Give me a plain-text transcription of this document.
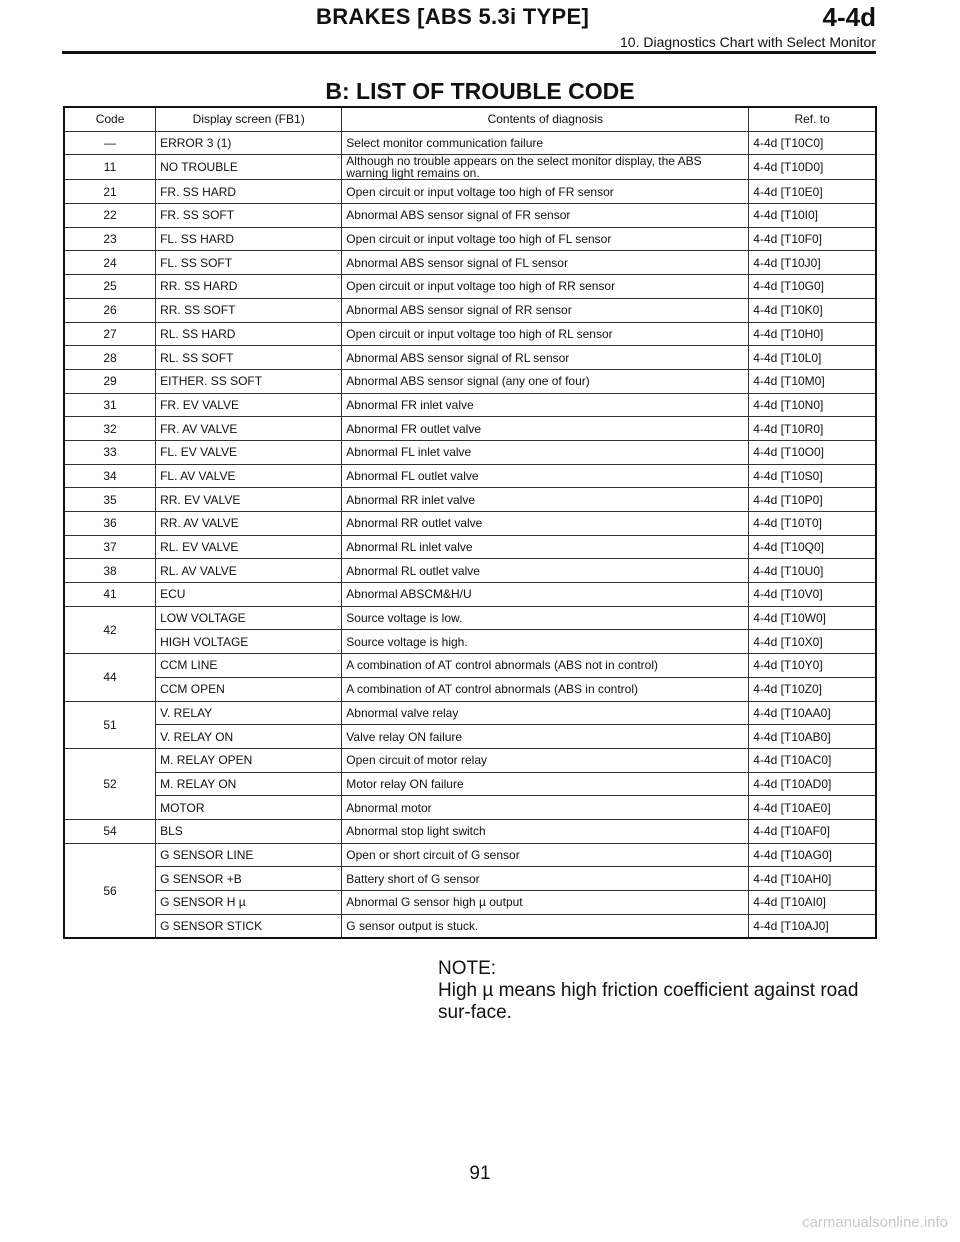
BRAKES [ABS 5.3i TYPE]	4-4d
10. Diagnostics Chart with Select Monitor
B: LIST OF TROUBLE CODE
Code	Display screen (FB1)	Contents of diagnosis	Ref. to
—	ERROR 3 (1)	Select monitor communication failure	4-4d [T10C0]
11	NO TROUBLE	Although no trouble appears on the select monitor display, the ABS warning light remains on.	4-4d [T10D0]
21	FR. SS HARD	Open circuit or input voltage too high of FR sensor	4-4d [T10E0]
22	FR. SS SOFT	Abnormal ABS sensor signal of FR sensor	4-4d [T10I0]
23	FL. SS HARD	Open circuit or input voltage too high of FL sensor	4-4d [T10F0]
24	FL. SS SOFT	Abnormal ABS sensor signal of FL sensor	4-4d [T10J0]
25	RR. SS HARD	Open circuit or input voltage too high of RR sensor	4-4d [T10G0]
26	RR. SS SOFT	Abnormal ABS sensor signal of RR sensor	4-4d [T10K0]
27	RL. SS HARD	Open circuit or input voltage too high of RL sensor	4-4d [T10H0]
28	RL. SS SOFT	Abnormal ABS sensor signal of RL sensor	4-4d [T10L0]
29	EITHER. SS SOFT	Abnormal ABS sensor signal (any one of four)	4-4d [T10M0]
31	FR. EV VALVE	Abnormal FR inlet valve	4-4d [T10N0]
32	FR. AV VALVE	Abnormal FR outlet valve	4-4d [T10R0]
33	FL. EV VALVE	Abnormal FL inlet valve	4-4d [T10O0]
34	FL. AV VALVE	Abnormal FL outlet valve	4-4d [T10S0]
35	RR. EV VALVE	Abnormal RR inlet valve	4-4d [T10P0]
36	RR. AV VALVE	Abnormal RR outlet valve	4-4d [T10T0]
37	RL. EV VALVE	Abnormal RL inlet valve	4-4d [T10Q0]
38	RL. AV VALVE	Abnormal RL outlet valve	4-4d [T10U0]
41	ECU	Abnormal ABSCM&H/U	4-4d [T10V0]
42	LOW VOLTAGE	Source voltage is low.	4-4d [T10W0]
	HIGH VOLTAGE	Source voltage is high.	4-4d [T10X0]
44	CCM LINE	A combination of AT control abnormals (ABS not in control)	4-4d [T10Y0]
	CCM OPEN	A combination of AT control abnormals (ABS in control)	4-4d [T10Z0]
51	V. RELAY	Abnormal valve relay	4-4d [T10AA0]
	V. RELAY ON	Valve relay ON failure	4-4d [T10AB0]
52	M. RELAY OPEN	Open circuit of motor relay	4-4d [T10AC0]
	M. RELAY ON	Motor relay ON failure	4-4d [T10AD0]
	MOTOR	Abnormal motor	4-4d [T10AE0]
54	BLS	Abnormal stop light switch	4-4d [T10AF0]
56	G SENSOR LINE	Open or short circuit of G sensor	4-4d [T10AG0]
	G SENSOR +B	Battery short of G sensor	4-4d [T10AH0]
	G SENSOR H µ	Abnormal G sensor high µ output	4-4d [T10AI0]
	G SENSOR STICK	G sensor output is stuck.	4-4d [T10AJ0]
NOTE:
High µ means high friction coefficient against road sur-face.
91
carmanualsonline.info
